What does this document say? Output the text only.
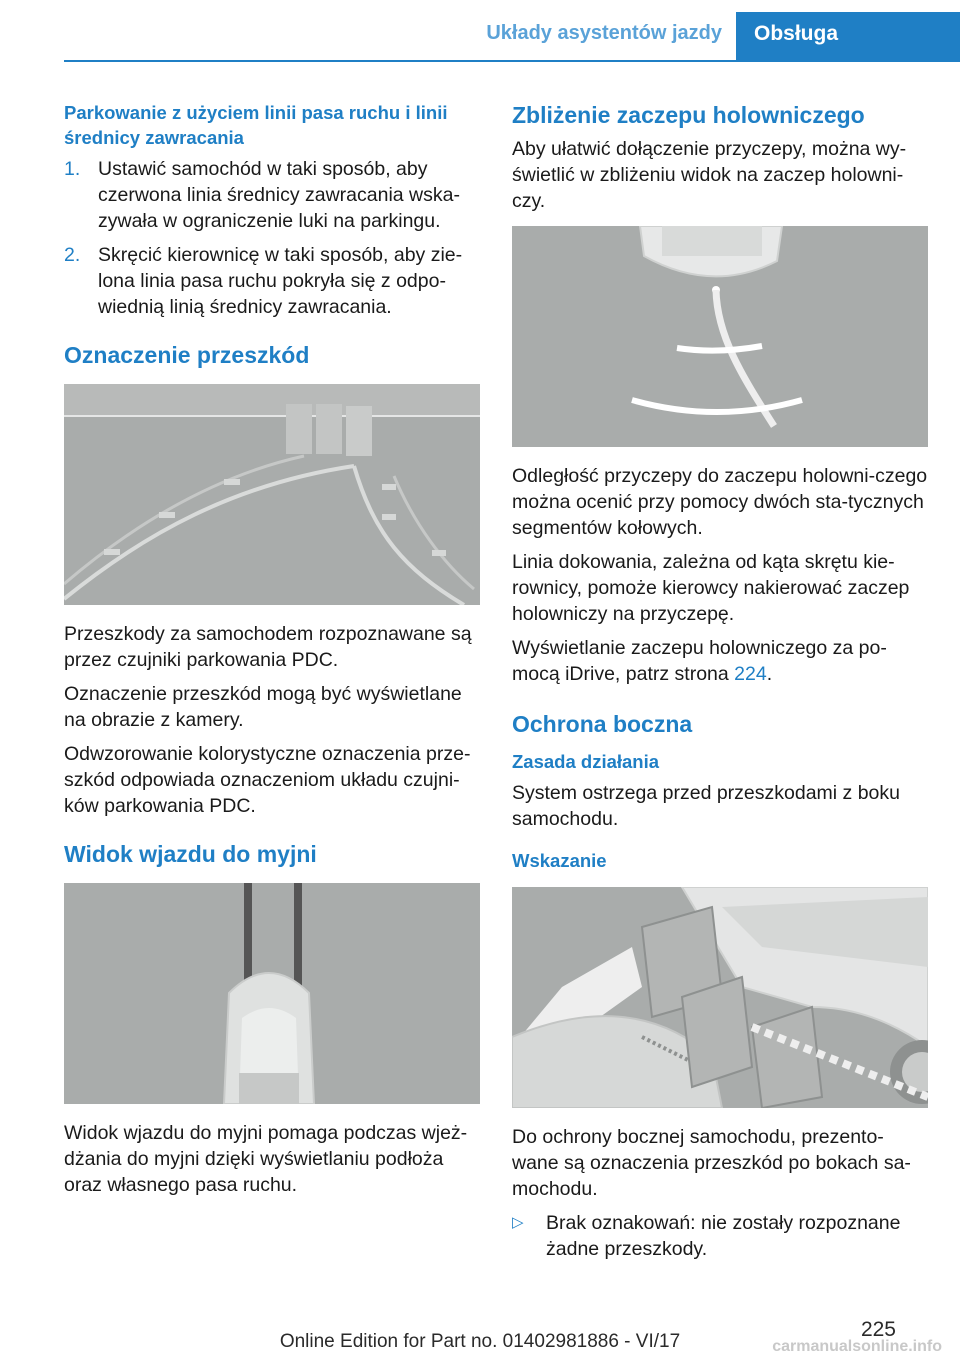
Układy asystentów jazdy Obsługa
Parkowanie z użyciem linii pasa ruchu i linii średnicy zawracania
1. Ustawić samochód w taki sposób, aby czerwona linia średnicy zawracania wska-zywała w ograniczenie luki na parkingu.
2. Skręcić kierownicę w taki sposób, aby zie-lona linia pasa ruchu pokryła się z odpo-wiednią linią średnicy zawracania.
Oznaczenie przeszkód
Przeszkody za samochodem rozpoznawane są przez czujniki parkowania PDC.
Oznaczenie przeszkód mogą być wyświetlane na obrazie z kamery.
Odwzorowanie kolorystyczne oznaczenia prze-szkód odpowiada oznaczeniom układu czujni-ków parkowania PDC.
Widok wjazdu do myjni
Widok wjazdu do myjni pomaga podczas wjeż-dżania do myjni dzięki wyświetlaniu podłoża oraz własnego pasa ruchu.
Zbliżenie zaczepu holowniczego
Aby ułatwić dołączenie przyczepy, można wy-świetlić w zbliżeniu widok na zaczep holowni-czy.
Odległość przyczepy do zaczepu holowni-czego można ocenić przy pomocy dwóch sta-tycznych segmentów kołowych.
Linia dokowania, zależna od kąta skrętu kie-rownicy, pomoże kierowcy nakierować zaczep holowniczy na przyczepę.
Wyświetlanie zaczepu holowniczego za po-mocą iDrive, patrz strona 224.
Ochrona boczna
Zasada działania
System ostrzega przed przeszkodami z boku samochodu.
Wskazanie
Do ochrony bocznej samochodu, prezento-wane są oznaczenia przeszkód po bokach sa-mochodu.
▷ Brak oznakowań: nie zostały rozpoznane żadne przeszkody.
225
Online Edition for Part no. 01402981886 - VI/17	carmanualsonline.info
